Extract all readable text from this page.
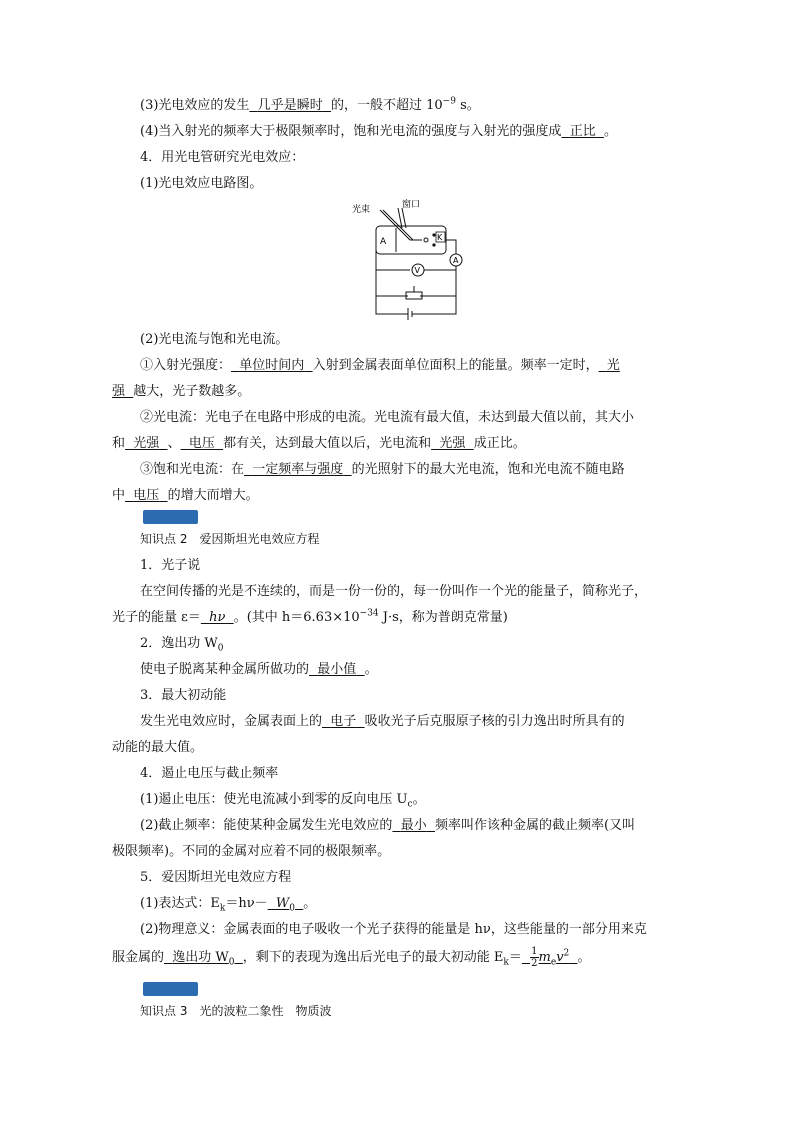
(3)光电效应的发生 几乎是瞬时 的，一般不超过 $10^{-9}$ s。
(4)当入射光的频率大于极限频率时，饱和光电流的强度与入射光的强度成 正比 。
4．用光电管研究光电效应：
(1)光电效应电路图。
光束	窗口
A	K
V
A
(2)光电流与饱和光电流。
①入射光强度： 单位时间内 入射到金属表面单位面积上的能量。频率一定时， 光
强 越大，光子数越多。
②光电流：光电子在电路中形成的电流。光电流有最大值，未达到最大值以前，其大小
和 光强 、 电压 都有关，达到最大值以后，光电流和 光强 成正比。
③饱和光电流：在 一定频率与强度 的光照射下的最大光电流，饱和光电流不随电路
中 电压 的增大而增大。
知识点 2　爱因斯坦光电效应方程
1．光子说
在空间传播的光是不连续的，而是一份一份的，每一份叫作一个光的能量子，简称光子，
光子的能量 ε＝ hν 。(其中 $h=6.63\times 10^{-34}$ J·s，称为普朗克常量)
2．逸出功 $W_0$
使电子脱离某种金属所做功的 最小值 。
3．最大初动能
发生光电效应时，金属表面上的 电子 吸收光子后克服原子核的引力逸出时所具有的
动能的最大值。
4．遏止电压与截止频率
(1)遏止电压：使光电流减小到零的反向电压 $U_c$。
(2)截止频率：能使某种金属发生光电效应的 最小 频率叫作该种金属的截止频率(又叫
极限频率)。不同的金属对应着不同的极限频率。
5．爱因斯坦光电效应方程
(1)表达式：$E_k=h\nu- W_0$ 。
(2)物理意义：金属表面的电子吸收一个光子获得的能量是 hν，这些能量的一部分用来克
服金属的 逸出功 $W_0$ ，剩下的表现为逸出后光电子的最大初动能 $E_k= \frac{1}{2} m_ev^2$ 。
知识点 3　光的波粒二象性　物质波
